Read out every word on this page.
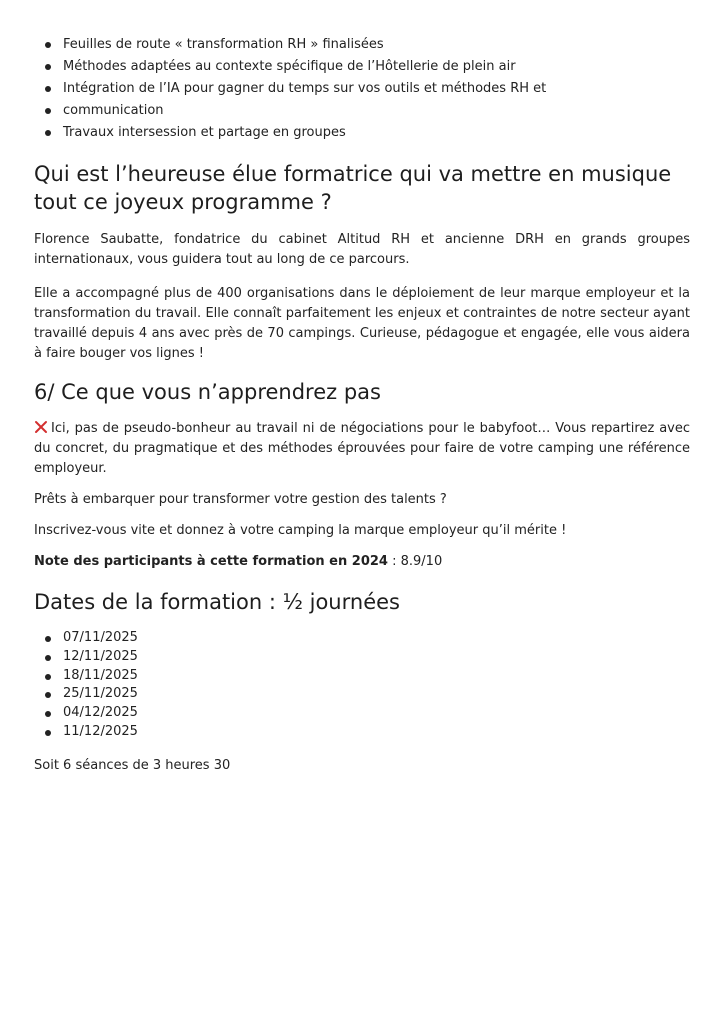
Feuilles de route « transformation RH » finalisées
Méthodes adaptées au contexte spécifique de l’Hôtellerie de plein air
Intégration de l’IA pour gagner du temps sur vos outils et méthodes RH et
communication
Travaux intersession et partage en groupes
Qui est l’heureuse élue formatrice qui va mettre en musique tout ce joyeux programme ?

Florence Saubatte, fondatrice du cabinet Altitud RH et ancienne DRH en grands groupes internationaux, vous guidera tout au long de ce parcours.

Elle a accompagné plus de 400 organisations dans le déploiement de leur marque employeur et la transformation du travail. Elle connaît parfaitement les enjeux et contraintes de notre secteur ayant travaillé depuis 4 ans avec près de 70 campings. Curieuse, pédagogue et engagée, elle vous aidera à faire bouger vos lignes !

6/ Ce que vous n’apprendrez pas

Ici, pas de pseudo-bonheur au travail ni de négociations pour le babyfoot… Vous repartirez avec du concret, du pragmatique et des méthodes éprouvées pour faire de votre camping une référence employeur.

Prêts à embarquer pour transformer votre gestion des talents ?

Inscrivez-vous vite et donnez à votre camping la marque employeur qu’il mérite !

Note des participants à cette formation en 2024 : 8.9/10

Dates de la formation : ½ journées
07/11/2025
12/11/2025
18/11/2025
25/11/2025
04/12/2025
11/12/2025

Soit 6 séances de 3 heures 30
